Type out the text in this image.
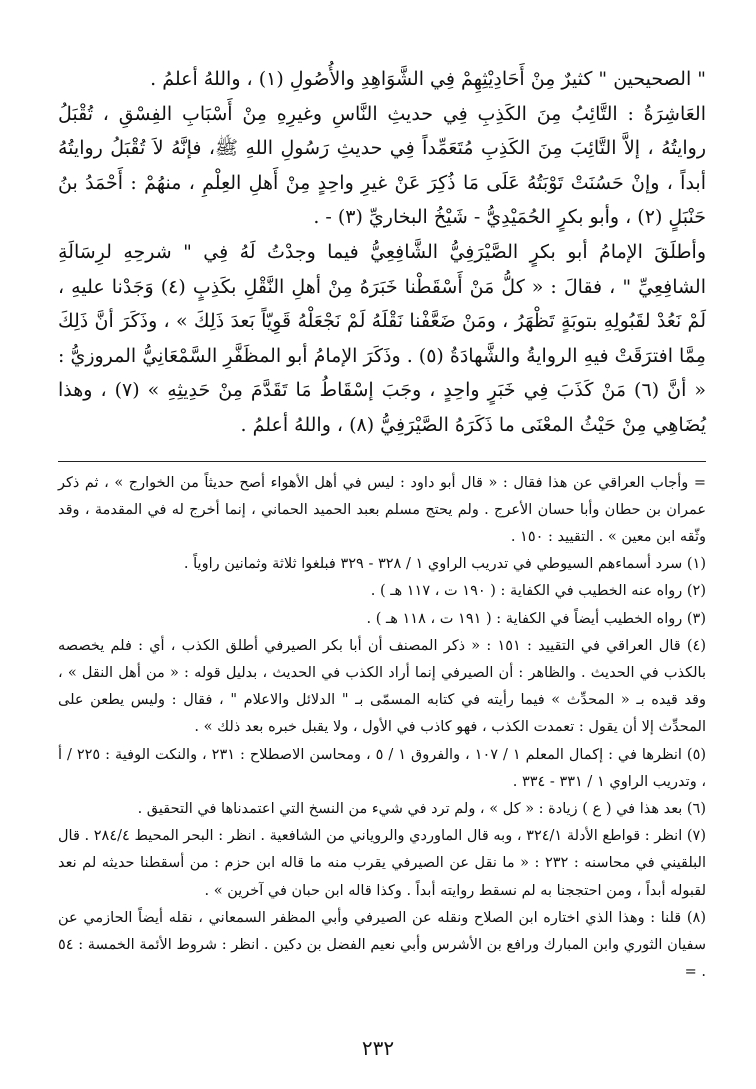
" الصحيحين " كثيرٌ مِنْ أَحَادِيْثِهِمْ فِي الشَّوَاهِدِ والأُصُولِ (١) ، واللهُ أعلمُ .

العَاشِرَةُ : التَّائِبُ مِنَ الكَذِبِ فِي حديثِ النَّاسِ وغيرِهِ مِنْ أَسْبَابِ الفِسْقِ ، تُقْبَلُ روايتُهُ ، إلاَّ التَّائِبَ مِنَ الكَذِبِ مُتَعَمِّداً فِي حديثِ رَسُولِ اللهِ ﷺ، فإنَّهُ لاَ تُقْبَلُ روايتُهُ أبداً ، وإنْ حَسُنَتْ تَوْبَتُهُ عَلَى مَا ذُكِرَ عَنْ غيرِ واحِدٍ مِنْ أَهلِ العِلْمِ ، منهُمْ : أَحْمَدُ بنُ حَنْبَلٍ (٢) ، وأبو بكرٍ الحُمَيْدِيُّ - شَيْخُ البخاريِّ (٣) - .

وأطلَقَ الإمامُ أبو بكرٍ الصَّيْرَفِيُّ الشَّافِعِيُّ فيما وجدْتُ لَهُ فِي " شرحِهِ لرِسَالَةِ الشافِعِيِّ " ، فقالَ : « كلُّ مَنْ أَسْقَطْنا خَبَرَهُ مِنْ أهلِ النَّقْلِ بكَذِبٍ (٤) وَجَدْنا عليهِ ، لَمْ نَعُدْ لقَبُولِهِ بتوبَةٍ تَظْهَرُ ، ومَنْ ضَعَّفْنا نَقْلَهُ لَمْ نَجْعَلْهُ قَوِيّاً بَعدَ ذَلِكَ » ، وذَكَرَ أنَّ ذَلِكَ مِمَّا افترَقَتْ فيهِ الروايةُ والشَّهادَةُ (٥) . وذَكَرَ الإمامُ أبو المظَفَّرِ السَّمْعَانِيُّ المروزيُّ : « أنَّ (٦) مَنْ كَذَبَ فِي خَبَرٍ واحِدٍ ، وجَبَ إسْقَاطُ مَا تَقَدَّمَ مِنْ حَدِيثِهِ » (٧) ، وهذا يُضَاهِي مِنْ حَيْثُ المعْنَى ما ذَكَرَهُ الصَّيْرَفِيُّ (٨) ، واللهُ أعلمُ .

= وأجاب العراقي عن هذا فقال : « قال أبو داود : ليس في أهل الأهواء أصح حديثاً من الخوارج » ، ثم ذكر عمران بن حطان وأبا حسان الأعرج . ولم يحتج مسلم بعبد الحميد الحماني ، إنما أخرج له في المقدمة ، وقد وثّقه ابن معين » . التقييد : ١٥٠ .

(١) سرد أسماءهم السيوطي في تدريب الراوي ١ / ٣٢٨ - ٣٢٩ فبلغوا ثلاثة وثمانين راوياً .

(٢) رواه عنه الخطيب في الكفاية : ( ١٩٠ ت ، ١١٧ هـ ) .

(٣) رواه الخطيب أيضاً في الكفاية : ( ١٩١ ت ، ١١٨ هـ ) .

(٤) قال العراقي في التقييد : ١٥١ : « ذكر المصنف أن أبا بكر الصيرفي أطلق الكذب ، أي : فلم يخصصه بالكذب في الحديث . والظاهر : أن الصيرفي إنما أراد الكذب في الحديث ، بدليل قوله : « من أهل النقل » ، وقد قيده بـ « المحدِّث » فيما رأيته في كتابه المسمّى بـ " الدلائل والاعلام " ، فقال : وليس يطعن على المحدِّث إلا أن يقول : تعمدت الكذب ، فهو كاذب في الأول ، ولا يقبل خبره بعد ذلك » .

(٥) انظرها في : إكمال المعلم ١ / ١٠٧ ، والفروق ١ / ٥ ، ومحاسن الاصطلاح : ٢٣١ ، والنكت الوفية : ٢٢٥ / أ ، وتدريب الراوي ١ / ٣٣١ - ٣٣٤ .

(٦) بعد هذا في ( ع ) زيادة : « كل » ، ولم ترد في شيء من النسخ التي اعتمدناها في التحقيق .

(٧) انظر : قواطع الأدلة ٣٢٤/١ ، وبه قال الماوردي والروياني من الشافعية . انظر : البحر المحيط ٢٨٤/٤ . قال البلقيني في محاسنه : ٢٣٢ : « ما نقل عن الصيرفي يقرب منه ما قاله ابن حزم : من أسقطنا حديثه لم نعد لقبوله أبداً ، ومن احتججنا به لم نسقط روايته أبداً . وكذا قاله ابن حبان في آخرين » .

(٨) قلنا : وهذا الذي اختاره ابن الصلاح ونقله عن الصيرفي وأبي المظفر السمعاني ، نقله أيضاً الحازمي عن سفيان الثوري وابن المبارك ورافع بن الأشرس وأبي نعيم الفضل بن دكين . انظر : شروط الأئمة الخمسة : ٥٤ . =

٢٣٢
